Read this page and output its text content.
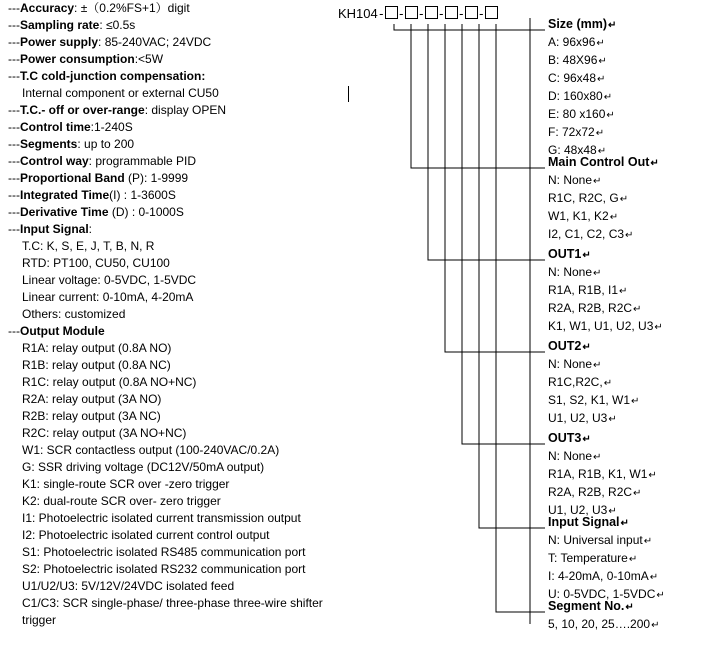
---Accuracy: ±（0.2%FS+1）digit
---Sampling rate: ≤0.5s
---Power supply: 85-240VAC; 24VDC
---Power consumption:<5W
---T.C cold-junction compensation:
Internal component or external CU50
---T.C.- off or over-range: display OPEN
---Control time:1-240S
---Segments: up to 200
---Control way: programmable PID
---Proportional Band (P): 1-9999
---Integrated Time(I) : 1-3600S
---Derivative Time (D) : 0-1000S
---Input Signal:
T.C: K, S, E, J, T, B, N, R
RTD: PT100, CU50, CU100
Linear voltage: 0-5VDC, 1-5VDC
Linear current: 0-10mA, 4-20mA
Others: customized
---Output Module
R1A: relay output (0.8A NO)
R1B: relay output (0.8A NC)
R1C: relay output (0.8A NO+NC)
R2A: relay output (3A NO)
R2B: relay output (3A NC)
R2C: relay output (3A NO+NC)
W1: SCR contactless output (100-240VAC/0.2A)
G: SSR driving voltage (DC12V/50mA output)
K1: single-route SCR over -zero trigger
K2: dual-route SCR over- zero trigger
I1: Photoelectric isolated current transmission output
I2: Photoelectric isolated current control output
S1: Photoelectric isolated RS485 communication port
S2: Photoelectric isolated RS232 communication port
U1/U2/U3: 5V/12V/24VDC isolated feed
C1/C3: SCR single-phase/ three-phase three-wire shifter
trigger
KH104- - - - - -
Size (mm) ↵
A: 96x96 ↵
B: 48X96 ↵
C: 96x48 ↵
D: 160x80 ↵
E: 80 x160 ↵
F: 72x72 ↵
G: 48x48 ↵
Main Control Out ↵
N: None ↵
R1C, R2C, G ↵
W1, K1, K2 ↵
I2, C1, C2, C3 ↵
OUT1 ↵
N: None ↵
R1A, R1B, I1 ↵
R2A, R2B, R2C ↵
K1, W1, U1, U2, U3 ↵
OUT2 ↵
N: None ↵
R1C,R2C, ↵
S1, S2, K1, W1 ↵
U1, U2, U3 ↵
OUT3 ↵
N: None ↵
R1A, R1B, K1, W1 ↵
R2A, R2B, R2C ↵
U1, U2, U3 ↵
Input Signal ↵
N: Universal input ↵
T: Temperature ↵
I: 4-20mA, 0-10mA ↵
U: 0-5VDC, 1-5VDC ↵
Segment No. ↵
5, 10, 20, 25….200 ↵
